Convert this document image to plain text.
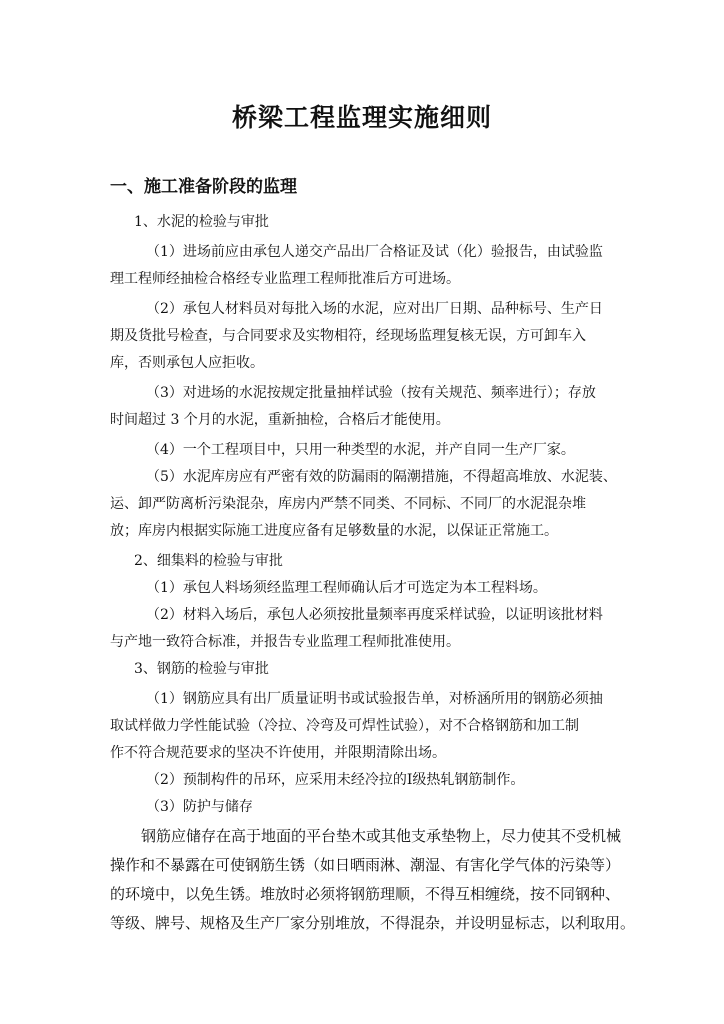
桥梁工程监理实施细则
一、施工准备阶段的监理
1、水泥的检验与审批
（1）进场前应由承包人递交产品出厂合格证及试（化）验报告，由试验监
理工程师经抽检合格经专业监理工程师批准后方可进场。
（2）承包人材料员对每批入场的水泥，应对出厂日期、品种标号、生产日
期及货批号检查，与合同要求及实物相符，经现场监理复核无误，方可卸车入
库，否则承包人应拒收。
（3）对进场的水泥按规定批量抽样试验（按有关规范、频率进行）；存放
时间超过 3 个月的水泥，重新抽检，合格后才能使用。
（4）一个工程项目中，只用一种类型的水泥，并产自同一生产厂家。
（5）水泥库房应有严密有效的防漏雨的隔潮措施，不得超高堆放、水泥装、
运、卸严防离析污染混杂，库房内严禁不同类、不同标、不同厂的水泥混杂堆
放；库房内根据实际施工进度应备有足够数量的水泥，以保证正常施工。
2、细集料的检验与审批
（1）承包人料场须经监理工程师确认后才可选定为本工程料场。
（2）材料入场后，承包人必须按批量频率再度采样试验，以证明该批材料
与产地一致符合标准，并报告专业监理工程师批准使用。
3、钢筋的检验与审批
（1）钢筋应具有出厂质量证明书或试验报告单，对桥涵所用的钢筋必须抽
取试样做力学性能试验（冷拉、冷弯及可焊性试验），对不合格钢筋和加工制
作不符合规范要求的坚决不许使用，并限期清除出场。
（2）预制构件的吊环，应采用未经冷拉的Ⅰ级热轧钢筋制作。
（3）防护与储存
钢筋应储存在高于地面的平台垫木或其他支承垫物上，尽力使其不受机械
操作和不暴露在可使钢筋生锈（如日晒雨淋、潮湿、有害化学气体的污染等）
的环境中，以免生锈。堆放时必须将钢筋理顺，不得互相缠绕，按不同钢种、
等级、牌号、规格及生产厂家分别堆放，不得混杂，并设明显标志，以利取用。
